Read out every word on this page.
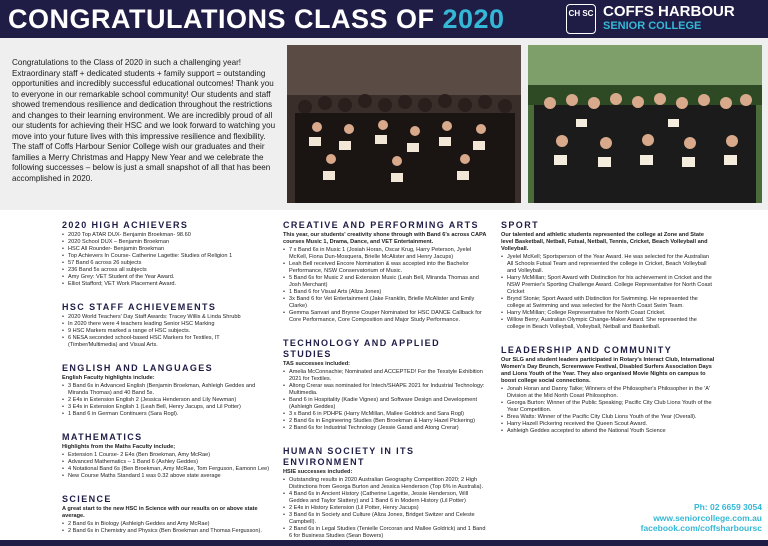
CONGRATULATIONS CLASS OF 2020	CH SC COFFS HARBOUR
SENIOR COLLEGE
Congratulations to the Class of 2020 in such a challenging year! Extraordinary staff + dedicated students + family support = outstanding opportunities and incredibly successful educational outcomes! Thank you to everyone in our remarkable school community! Our students and staff showed tremendous resilience and dedication throughout the restrictions and changes to their learning environment. We are incredibly proud of all our students for achieving their HSC and we look forward to watching you move into your future lives with this impressive resilience and flexibility. The staff of Coffs Harbour Senior College wish our graduates and their families a Merry Christmas and Happy New Year and we celebrate the following successes – below is just a small snapshot of all that has been accomplished in 2020.
2020 HIGH ACHIEVERS
• 2020 Top ATAR DUX- Benjamin Broekman- 98.60
• 2020 School DUX – Benjamin Broekman
• HSC All Rounder- Benjamin Broekman
• Top Achievers In Course- Catherine Lagettie: Studies of Religion 1
• 57 Band 6 across 26 subjects
• 236 Band 5s across all subjects
• Amy Grey: VET Student of the Year Award.
• Elliot Stafford; VET Work Placement Award.
HSC STAFF ACHIEVEMENTS
• 2020 World Teachers' Day Staff Awards: Tracey Willis & Linda Shrubb
• In 2020 there were 4 teachers leading Senior HSC Marking
• 9 HSC Markers marked a range of HSC subjects.
• 6 NESA seconded school-based HSC Markers for Textiles, IT (Timber/Multimedia) and Visual Arts.
ENGLISH AND LANGUAGES
English Faculty highlights include:
• 3 Band 6s in Advanced English (Benjamin Broekman, Ashleigh Geddes and Miranda Thomas) and 40 Band 5s.
• 2 E4s in Extension English 2 (Jessica Henderson and Lily Newman)
• 3 E4s in Extension English 1 (Leah Bell, Henry Jacups, and Lil Potter)
• 1 Band 6 in German Continuers (Sara Rogl).
MATHEMATICS
Highlights from the Maths Faculty include;
• Extension 1 Course- 2 E4s (Ben Broekman, Amy McRae)
• Advanced Mathematics – 1 Band 6 (Ashley Geddes)
• 4 Notational Band 6s (Ben Broekman, Amy McRae, Tom Ferguson, Eamonn Lee)
• New Course Maths Standard 1 was 0.32 above state average
SCIENCE
A great start to the new HSC in Science with our results on or above state average.
• 2 Band 6s in Biology (Ashleigh Geddes and Amy McRae)
• 2 Band 6s in Chemistry and Physics (Ben Broekman and Thomas Fergusson).
CREATIVE AND PERFORMING ARTS
This year, our students' creativity shone through with Band 6's across CAPA courses Music 1, Drama, Dance, and VET Entertainment.
• 7 x Band 6s in Music 1 (Josiah Horan, Oscar Krug, Harry Peterson, Jyelel McKell, Fiona Dun-Mosquera, Brielle McAlister and Henry Jacups)
• Leah Bell received Encore Nomination & was accepted into the Bachelor Performance, NSW Conservatorium of Music.
• 5 Band 6s for Music 2 and Extension Music (Leah Bell, Miranda Thomas and Josh Merchant)
• 1 Band 6 for Visual Arts (Aliza Jones)
• 3x Band 6 for Vet Entertainment (Jake Franklin, Brielle McAlister and Emily Clarke)
• Gemma Sanvari and Brynne Couper Nominated for HSC DANCE Callback for Core Performance, Core Composition and Major Study Performance.
TECHNOLOGY AND APPLIED STUDIES
TAS successes included:
• Amelia McConnachie; Nominated and ACCEPTED! For the Texstyle Exhibition 2021 for Textiles.
• Altong Crerar was nominated for Intech/SHAPE 2021 for Industrial Technology: Multimedia.
• Band 6 in Hospitality (Kadie Vignes) and Software Design and Development (Ashleigh Geddes)
• 3 x Band 6 in PDHPE (Harry McMillan, Mallee Goldrick and Sara Rogl)
• 2 Band 6s in Engineering Studies (Ben Broekman & Harry Hazel Pickering)
• 2 Band 6s for Industrial Technology (Jessie Garad and Atong Crerar)
HUMAN SOCIETY IN ITS ENVIRONMENT
HSIE successes included:
• Outstanding results in 2020 Australian Geography Competition 2020; 2 High Distinctions from Georga Burton and Jessica Henderson (Top 6% in Australia).
• 4 Band 6s in Ancient History (Catherine Lagettie, Jessie Henderson, Will Geddes and Taylor Slattery) and 1 Band 6 in Modern History (Lil Potter)
• 2 E4s in History Extension (Lil Potter, Henry Jacups)
• 3 Band 6s in Society and Culture (Aliza Jones, Bridget Switzer and Celeste Campbell).
• 2 Band 6s in Legal Studies (Tenielle Corcoran and Mallee Goldrick) and 1 Band 6 for Business Studies (Sean Bowers)
SPORT
Our talented and athletic students represented the college at Zone and State level Basketball, Netball, Futsal, Netball, Tennis, Cricket, Beach Volleyball and Volleyball.
• Jyelel McKell; Sportsperson of the Year Award. He was selected for the Australian All Schools Futsal Team and represented the college in Cricket, Beach Volleyball and Volleyball.
• Harry McMillan; Sport Award with Distinction for his achievement in Cricket and the NSW Premier's Sporting Challenge Award. College Representative for North Coast Cricket
• Brynd Stonie; Sport Award with Distinction for Swimming. He represented the college at Swimming and was selected for the North Coast Swim Team.
• Harry McMillan; College Representative for North Coast Cricket.
• Willow Berry; Australian Olympic Change-Maker Award. She represented the college in Beach Volleyball, Volleyball, Netball and Basketball.
LEADERSHIP AND COMMUNITY
Our SLG and student leaders participated in Rotary's Interact Club, International Women's Day Brunch, Screenwave Festival, Disabled Surfers Association Days and Lions Youth of the Year. They also organised Movie Nights on campus to boost college social connections.
• Jonah Horan and Danny Talke; Winners of the Philosopher's Philosopher in the 'A' Division at the Mid North Coast Philosophon.
• Georga Burton: Winner of the Public Speaking; Pacific City Club Lions Youth of the Year Competition.
• Brea Watts: Winner of the Pacific City Club Lions Youth of the Year (Overall).
• Harry Hazell Pickering received the Queen Scout Award.
• Ashleigh Geddes accepted to attend the National Youth Science
Ph: 02 6659 3054
www.seniorcollege.com.au
facebook.com/coffsharboursc
